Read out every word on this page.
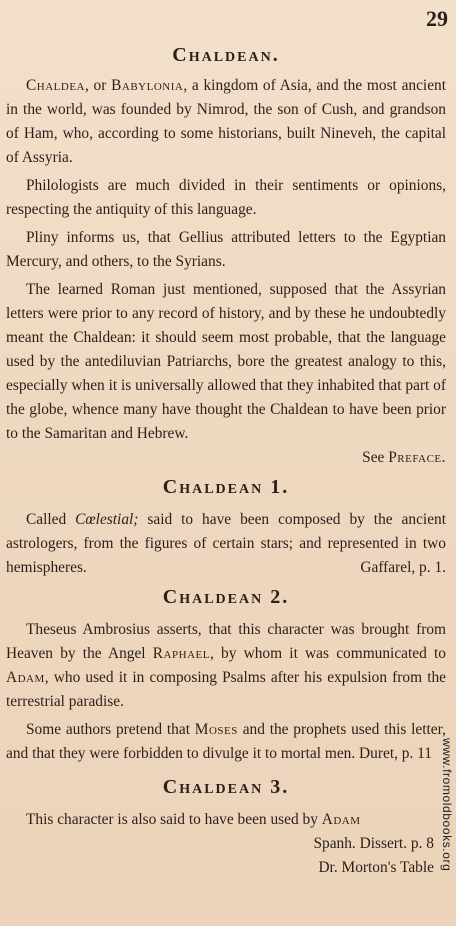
29
www.fromoldbooks.org
Chaldean.

Chaldea, or Babylonia, a kingdom of Asia, and the most ancient in the world, was founded by Nimrod, the son of Cush, and grandson of Ham, who, according to some historians, built Nineveh, the capital of Assyria.

Philologists are much divided in their sentiments or opinions, respecting the antiquity of this language.

Pliny informs us, that Gellius attributed letters to the Egyptian Mercury, and others, to the Syrians.

The learned Roman just mentioned, supposed that the Assyrian letters were prior to any record of history, and by these he undoubtedly meant the Chaldean: it should seem most probable, that the language used by the antediluvian Patriarchs, bore the greatest analogy to this, especially when it is universally allowed that they inhabited that part of the globe, whence many have thought the Chaldean to have been prior to the Samaritan and Hebrew.

See Preface.

Chaldean 1.

Called Cœlestial; said to have been composed by the ancient astrologers, from the figures of certain stars; and represented in two hemispheres.	Gaffarel, p. 1.

Chaldean 2.

Theseus Ambrosius asserts, that this character was brought from Heaven by the Angel Raphael, by whom it was communicated to Adam, who used it in composing Psalms after his expulsion from the terrestrial paradise.

Some authors pretend that Moses and the prophets used this letter, and that they were forbidden to divulge it to mortal men. Duret, p. 11

Chaldean 3.

This character is also said to have been used by Adam

Spanh. Dissert. p. 8
Dr. Morton's Table
